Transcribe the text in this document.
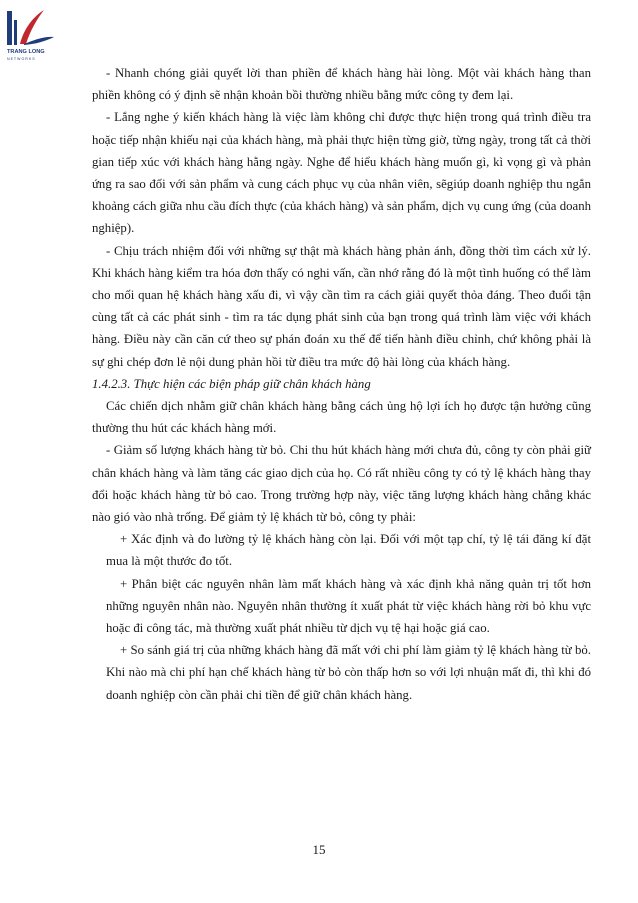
TRANG LONG
N E T W O R K S

- Nhanh chóng giải quyết lời than phiền để khách hàng hài lòng. Một vài khách hàng than phiền không có ý định sẽ nhận khoản bồi thường nhiều bằng mức công ty đem lại.

- Lắng nghe ý kiến khách hàng là việc làm không chỉ được thực hiện trong quá trình điều tra hoặc tiếp nhận khiếu nại của khách hàng, mà phải thực hiện từng giờ, từng ngày, trong tất cả thời gian tiếp xúc với khách hàng hằng ngày. Nghe để hiểu khách hàng muốn gì, kì vọng gì và phản ứng ra sao đối với sản phẩm và cung cách phục vụ của nhân viên, sẽgiúp doanh nghiệp thu ngắn khoảng cách giữa nhu cầu đích thực (của khách hàng) và sản phẩm, dịch vụ cung ứng (của doanh nghiệp).

- Chịu trách nhiệm đối với những sự thật mà khách hàng phản ánh, đồng thời tìm cách xử lý. Khi khách hàng kiểm tra hóa đơn thấy có nghi vấn, cần nhớ rằng đó là một tình huống có thể làm cho mối quan hệ khách hàng xấu đi, vì vậy cần tìm ra cách giải quyết thỏa đáng. Theo đuổi tận cùng tất cả các phát sinh - tìm ra tác dụng phát sinh của bạn trong quá trình làm việc với khách hàng. Điều này cần căn cứ theo sự phán đoán xu thế để tiến hành điều chỉnh, chứ không phải là sự ghi chép đơn lẻ nội dung phản hồi từ điều tra mức độ hài lòng của khách hàng.

1.4.2.3. Thực hiện các biện pháp giữ chân khách hàng

Các chiến dịch nhằm giữ chân khách hàng bằng cách ủng hộ lợi ích họ được tận hưởng cũng thường thu hút các khách hàng mới.

- Giảm số lượng khách hàng từ bỏ. Chi thu hút khách hàng mới chưa đủ, công ty còn phải giữ chân khách hàng và làm tăng các giao dịch của họ. Có rất nhiều công ty có tỷ lệ khách hàng thay đổi hoặc khách hàng từ bỏ cao. Trong trường hợp này, việc tăng lượng khách hàng chẳng khác nào gió vào nhà trống. Để giảm tỷ lệ khách từ bỏ, công ty phải:

+ Xác định và đo lường tỷ lệ khách hàng còn lại. Đối với một tạp chí, tỷ lệ tái đăng kí đặt mua là một thước đo tốt.

+ Phân biệt các nguyên nhân làm mất khách hàng và xác định khả năng quản trị tốt hơn những nguyên nhân nào. Nguyên nhân thường ít xuất phát từ việc khách hàng rời bỏ khu vực hoặc đi công tác, mà thường xuất phát nhiều từ dịch vụ tệ hại hoặc giá cao.

+ So sánh giá trị của những khách hàng đã mất với chi phí làm giảm tỷ lệ khách hàng từ bỏ. Khi nào mà chi phí hạn chế khách hàng từ bỏ còn thấp hơn so với lợi nhuận mất đi, thì khi đó doanh nghiệp còn cần phải chi tiền để giữ chân khách hàng.

15
